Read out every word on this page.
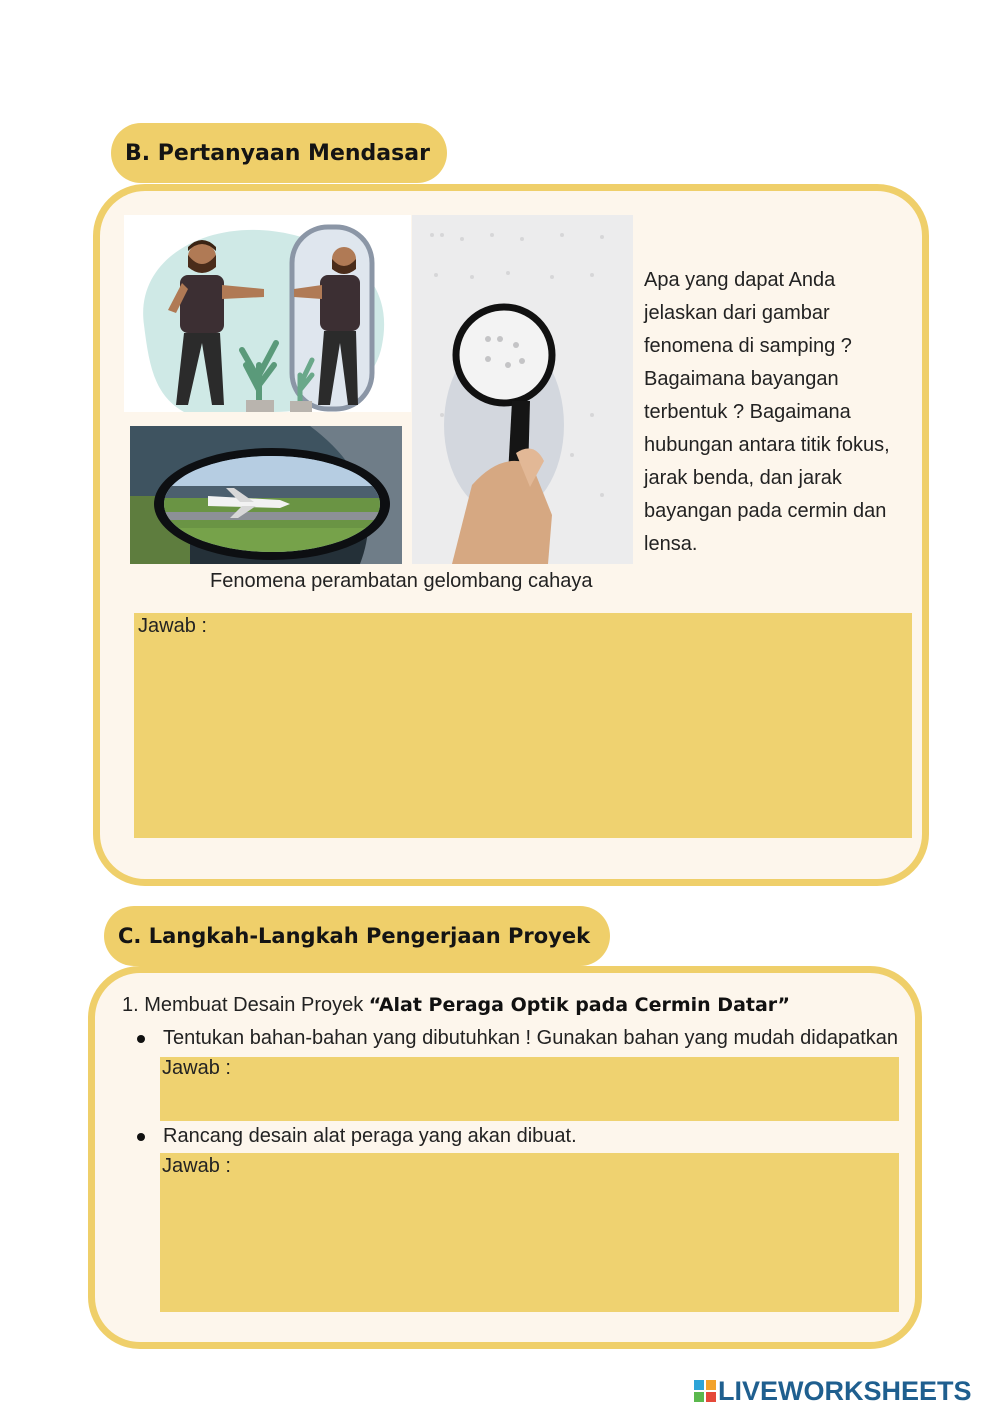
B. Pertanyaan Mendasar
Apa yang dapat Anda jelaskan dari gambar fenomena di samping ? Bagaimana bayangan terbentuk ? Bagaimana hubungan antara titik fokus, jarak benda, dan jarak bayangan pada cermin dan lensa.
Fenomena perambatan gelombang cahaya
Jawab :
C. Langkah-Langkah Pengerjaan Proyek
1. Membuat Desain Proyek “Alat Peraga Optik pada Cermin Datar”
Tentukan bahan-bahan yang dibutuhkan ! Gunakan bahan yang mudah didapatkan
Jawab :
Rancang desain alat peraga yang akan dibuat.
Jawab :
LIVEWORKSHEETS
